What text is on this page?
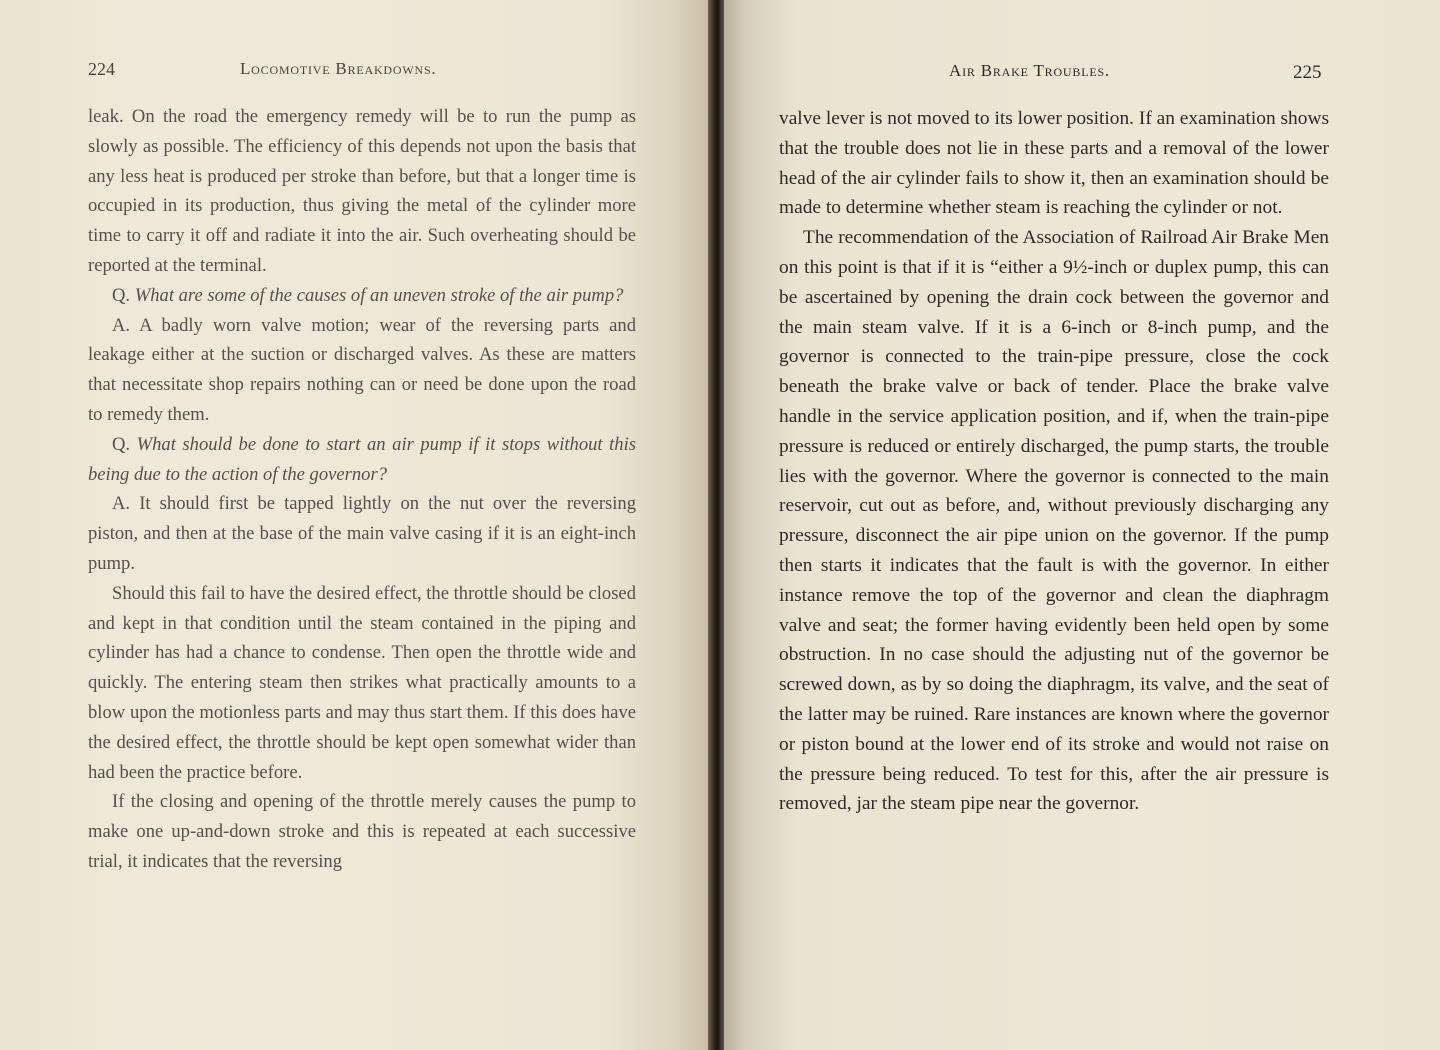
224	Locomotive Breakdowns.

leak. On the road the emergency remedy will be to run the pump as slowly as possible. The efficiency of this depends not upon the basis that any less heat is produced per stroke than before, but that a longer time is occupied in its production, thus giving the metal of the cylinder more time to carry it off and radiate it into the air. Such overheating should be reported at the terminal.

Q. What are some of the causes of an uneven stroke of the air pump?

A. A badly worn valve motion; wear of the reversing parts and leakage either at the suction or discharged valves. As these are matters that necessitate shop repairs nothing can or need be done upon the road to remedy them.

Q. What should be done to start an air pump if it stops without this being due to the action of the governor?

A. It should first be tapped lightly on the nut over the reversing piston, and then at the base of the main valve casing if it is an eight-inch pump.

Should this fail to have the desired effect, the throttle should be closed and kept in that condition until the steam contained in the piping and cylinder has had a chance to condense. Then open the throttle wide and quickly. The entering steam then strikes what practically amounts to a blow upon the motionless parts and may thus start them. If this does have the desired effect, the throttle should be kept open somewhat wider than had been the practice before.

If the closing and opening of the throttle merely causes the pump to make one up-and-down stroke and this is repeated at each successive trial, it indicates that the reversing

Air Brake Troubles.	225

valve lever is not moved to its lower position. If an examination shows that the trouble does not lie in these parts and a removal of the lower head of the air cylinder fails to show it, then an examination should be made to determine whether steam is reaching the cylinder or not.

The recommendation of the Association of Railroad Air Brake Men on this point is that if it is “either a 9½-inch or duplex pump, this can be ascertained by opening the drain cock between the governor and the main steam valve. If it is a 6-inch or 8-inch pump, and the governor is connected to the train-pipe pressure, close the cock beneath the brake valve or back of tender. Place the brake valve handle in the service application position, and if, when the train-pipe pressure is reduced or entirely discharged, the pump starts, the trouble lies with the governor. Where the governor is connected to the main reservoir, cut out as before, and, without previously discharging any pressure, disconnect the air pipe union on the governor. If the pump then starts it indicates that the fault is with the governor. In either instance remove the top of the governor and clean the diaphragm valve and seat; the former having evidently been held open by some obstruction. In no case should the adjusting nut of the governor be screwed down, as by so doing the diaphragm, its valve, and the seat of the latter may be ruined. Rare instances are known where the governor or piston bound at the lower end of its stroke and would not raise on the pressure being reduced. To test for this, after the air pressure is removed, jar the steam pipe near the governor.
